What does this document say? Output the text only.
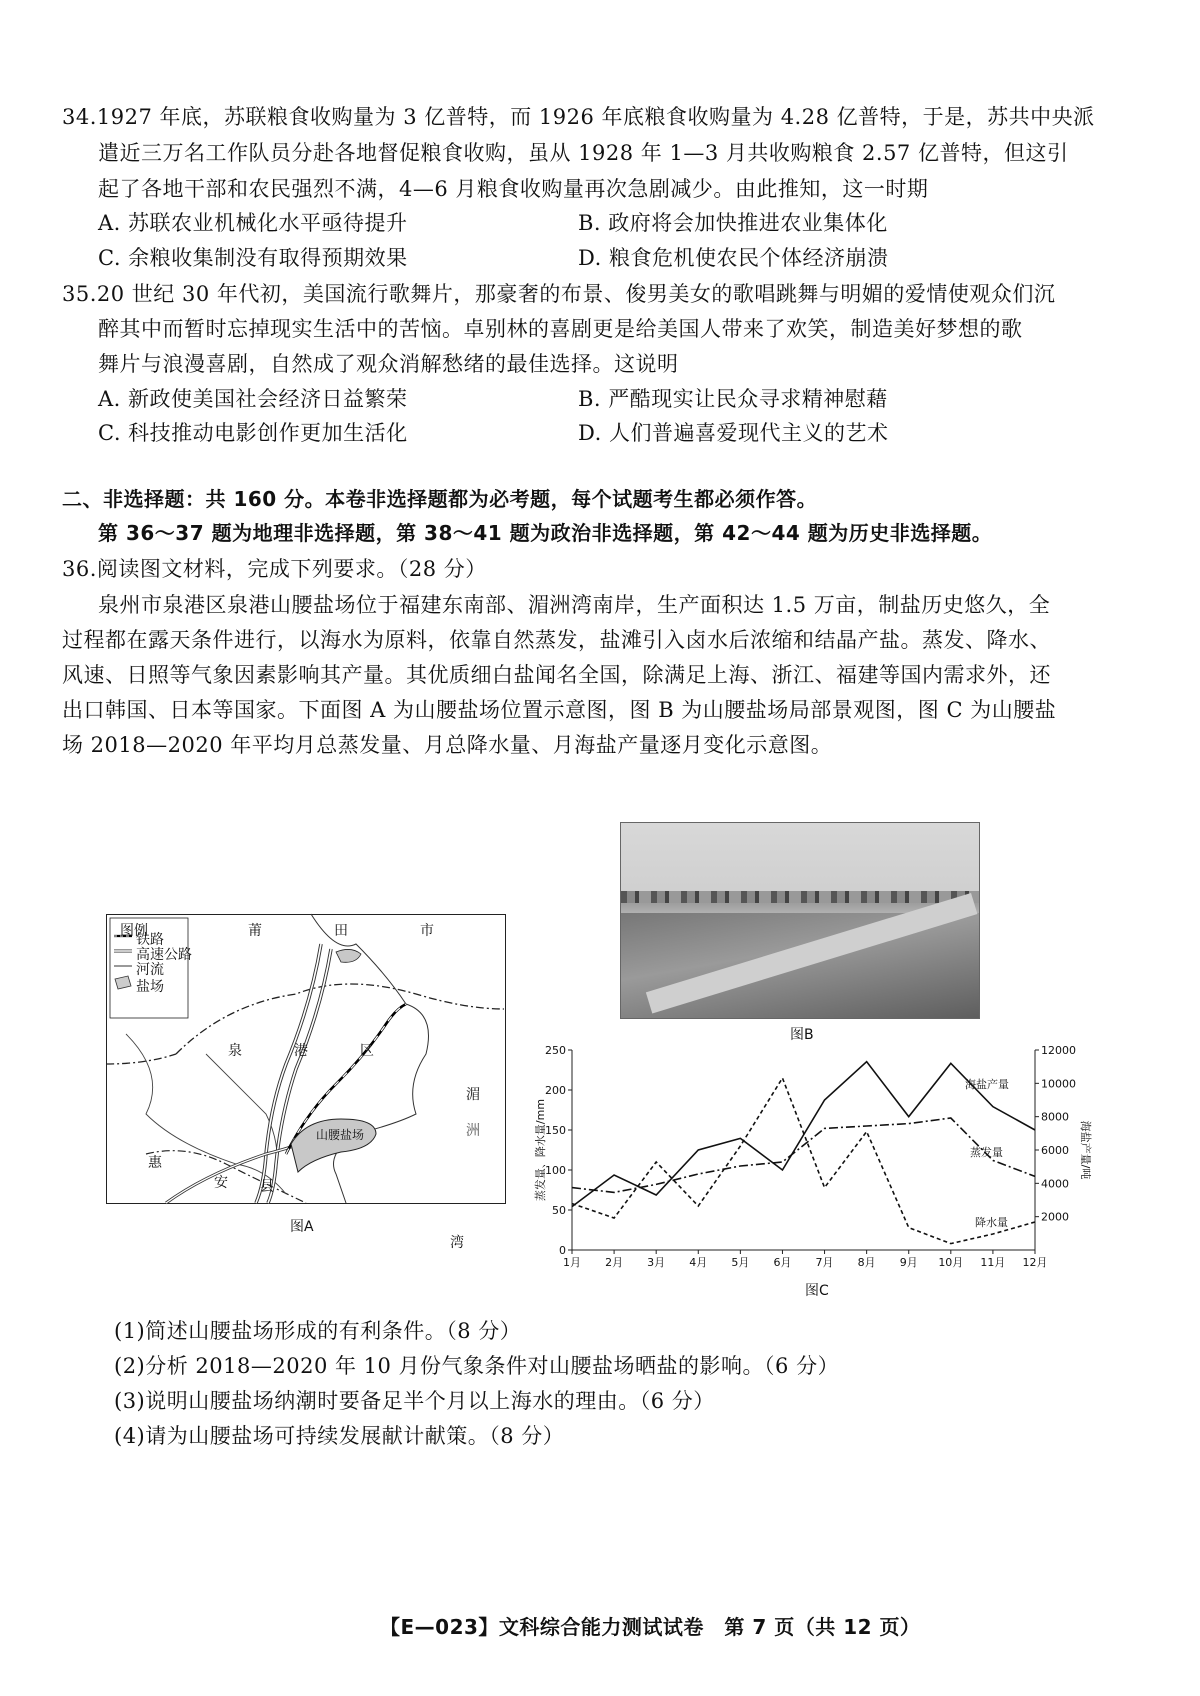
34.1927 年底，苏联粮食收购量为 3 亿普特，而 1926 年底粮食收购量为 4.28 亿普特，于是，苏共中央派
遣近三万名工作队员分赴各地督促粮食收购，虽从 1928 年 1—3 月共收购粮食 2.57 亿普特，但这引
起了各地干部和农民强烈不满，4—6 月粮食收购量再次急剧减少。由此推知，这一时期
A. 苏联农业机械化水平亟待提升	B. 政府将会加快推进农业集体化
C. 余粮收集制没有取得预期效果	D. 粮食危机使农民个体经济崩溃
35.20 世纪 30 年代初，美国流行歌舞片，那豪奢的布景、俊男美女的歌唱跳舞与明媚的爱情使观众们沉
醉其中而暂时忘掉现实生活中的苦恼。卓别林的喜剧更是给美国人带来了欢笑，制造美好梦想的歌
舞片与浪漫喜剧，自然成了观众消解愁绪的最佳选择。这说明
A. 新政使美国社会经济日益繁荣	B. 严酷现实让民众寻求精神慰藉
C. 科技推动电影创作更加生活化	D. 人们普遍喜爱现代主义的艺术
二、非选择题：共 160 分。本卷非选择题都为必考题，每个试题考生都必须作答。
第 36～37 题为地理非选择题，第 38～41 题为政治非选择题，第 42～44 题为历史非选择题。
36.阅读图文材料，完成下列要求。（28 分）
泉州市泉港区泉港山腰盐场位于福建东南部、湄洲湾南岸，生产面积达 1.5 万亩，制盐历史悠久，全
过程都在露天条件进行，以海水为原料，依靠自然蒸发，盐滩引入卤水后浓缩和结晶产盐。蒸发、降水、
风速、日照等气象因素影响其产量。其优质细白盐闻名全国，除满足上海、浙江、福建等国内需求外，还
出口韩国、日本等国家。下面图 A 为山腰盐场位置示意图，图 B 为山腰盐场局部景观图，图 C 为山腰盐
场 2018—2020 年平均月总蒸发量、月总降水量、月海盐产量逐月变化示意图。
图例
铁路
高速公路
河流
盐场
莆	田	市
泉	港	区
惠
安 县
山腰盐场
湄
洲
湾
图A
图B
0
50
100
150
200
250
2000
4000
6000
8000
10000
12000
1月 2月 3月 4月 5月 6月 7月 8月 9月 10月 11月 12月
蒸发量、降水量/mm	海盐产量/吨
海盐产量
蒸发量
降水量
图C
(1)简述山腰盐场形成的有利条件。（8 分）
(2)分析 2018—2020 年 10 月份气象条件对山腰盐场晒盐的影响。（6 分）
(3)说明山腰盐场纳潮时要备足半个月以上海水的理由。（6 分）
(4)请为山腰盐场可持续发展献计献策。（8 分）
【E—023】文科综合能力测试试卷　第 7 页（共 12 页）
